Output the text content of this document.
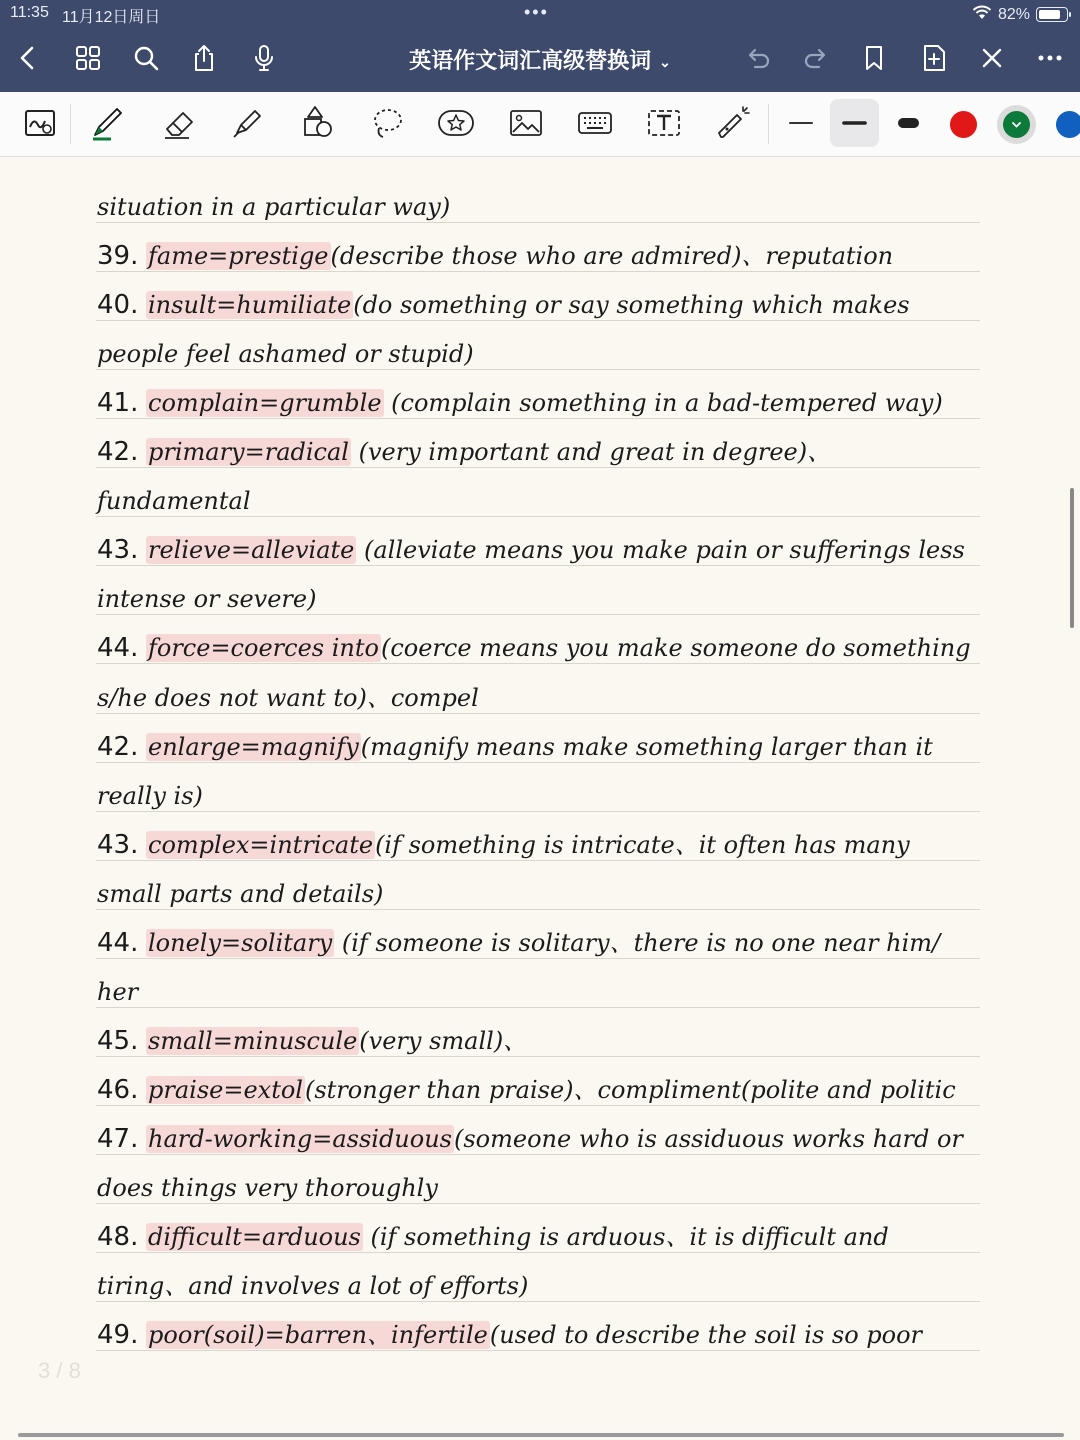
11:35 11月12日周日	•••	82%
英语作文词汇高级替换词 ⌄
situation in a particular way)
39. fame=prestige(describe those who are admired)、reputation
40. insult=humiliate(do something or say something which makes
people feel ashamed or stupid)
41. complain=grumble (complain something in a bad-tempered way)
42. primary=radical (very important and great in degree)、
fundamental
43. relieve=alleviate (alleviate means you make pain or sufferings less
intense or severe)
44. force=coerces into(coerce means you make someone do something
s/he does not want to)、compel
42. enlarge=magnify(magnify means make something larger than it
really is)
43. complex=intricate(if something is intricate、it often has many
small parts and details)
44. lonely=solitary (if someone is solitary、there is no one near him/
her
45. small=minuscule(very small)、
46. praise=extol(stronger than praise)、compliment(polite and politic
47. hard-working=assiduous(someone who is assiduous works hard or
does things very thoroughly
48. difficult=arduous (if something is arduous、it is difficult and
tiring、and involves a lot of efforts)
49. poor(soil)=barren、infertile(used to describe the soil is so poor
3 / 8
